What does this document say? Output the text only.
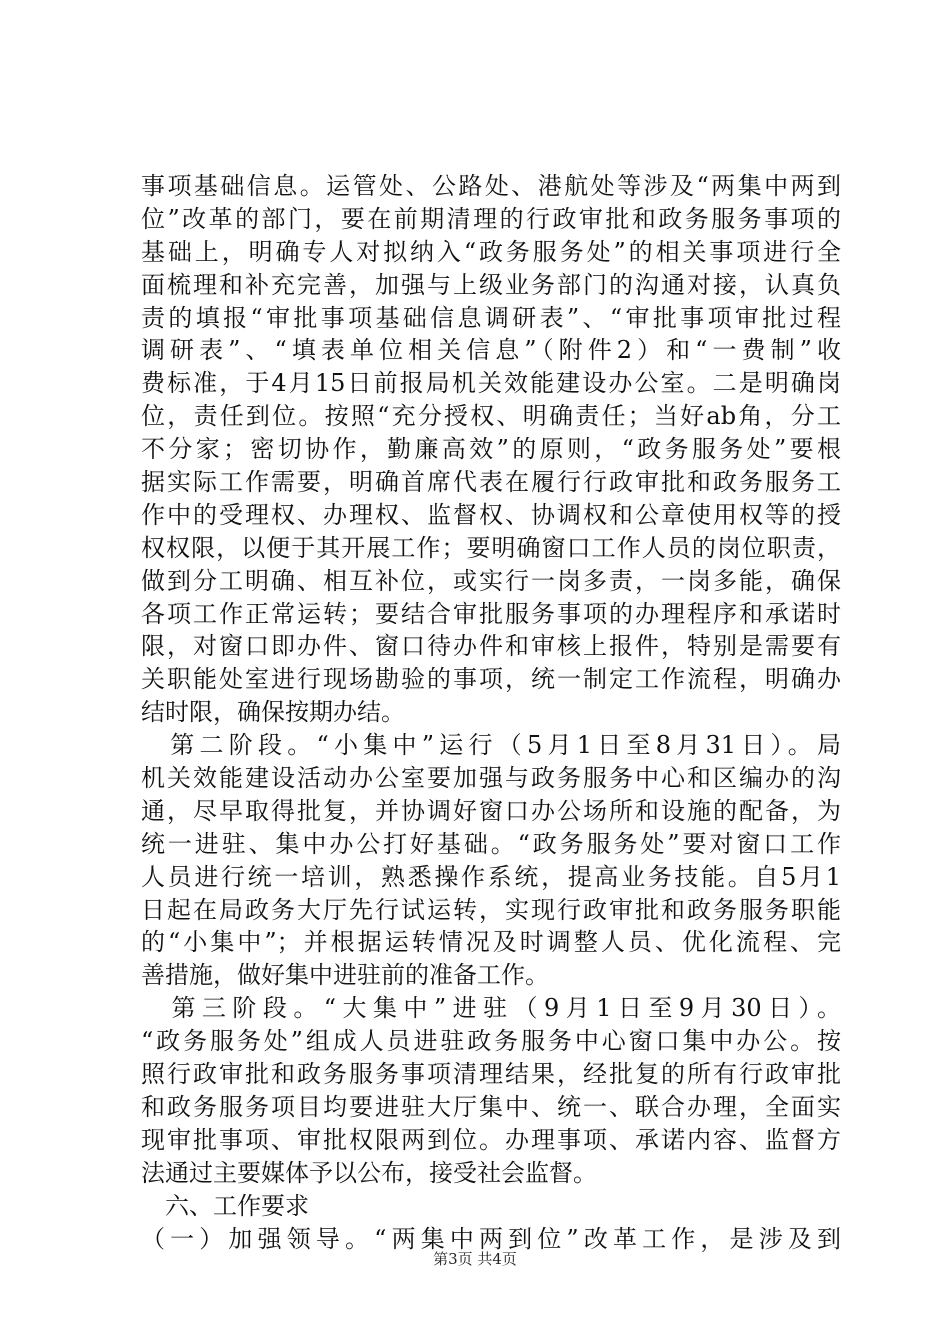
事项基础信息。运管处、公路处、港航处等涉及“两集中两到
位”改革的部门，要在前期清理的行政审批和政务服务事项的
基础上，明确专人对拟纳入“政务服务处”的相关事项进行全
面梳理和补充完善，加强与上级业务部门的沟通对接，认真负
责的填报“审批事项基础信息调研表”、“审批事项审批过程
调研表”、“填表单位相关信息”（附件2）和“一费制”收
费标准，于4月15日前报局机关效能建设办公室。二是明确岗
位，责任到位。按照“充分授权、明确责任；当好ab角，分工
不分家；密切协作，勤廉高效”的原则，“政务服务处”要根
据实际工作需要，明确首席代表在履行行政审批和政务服务工
作中的受理权、办理权、监督权、协调权和公章使用权等的授
权权限，以便于其开展工作；要明确窗口工作人员的岗位职责，
做到分工明确、相互补位，或实行一岗多责，一岗多能，确保
各项工作正常运转；要结合审批服务事项的办理程序和承诺时
限，对窗口即办件、窗口待办件和审核上报件，特别是需要有
关职能处室进行现场勘验的事项，统一制定工作流程，明确办
结时限，确保按期办结。
　第二阶段。“小集中”运行（5月1日至8月31日）。局
机关效能建设活动办公室要加强与政务服务中心和区编办的沟
通，尽早取得批复，并协调好窗口办公场所和设施的配备，为
统一进驻、集中办公打好基础。“政务服务处”要对窗口工作
人员进行统一培训，熟悉操作系统，提高业务技能。自5月1
日起在局政务大厅先行试运转，实现行政审批和政务服务职能
的“小集中”；并根据运转情况及时调整人员、优化流程、完
善措施，做好集中进驻前的准备工作。
　第三阶段。“大集中”进驻（9月1日至9月30日）。
“政务服务处”组成人员进驻政务服务中心窗口集中办公。按
照行政审批和政务服务事项清理结果，经批复的所有行政审批
和政务服务项目均要进驻大厅集中、统一、联合办理，全面实
现审批事项、审批权限两到位。办理事项、承诺内容、监督方
法通过主要媒体予以公布，接受社会监督。
　六、工作要求
（一）加强领导。“两集中两到位”改革工作，是涉及到
第3页 共4页
